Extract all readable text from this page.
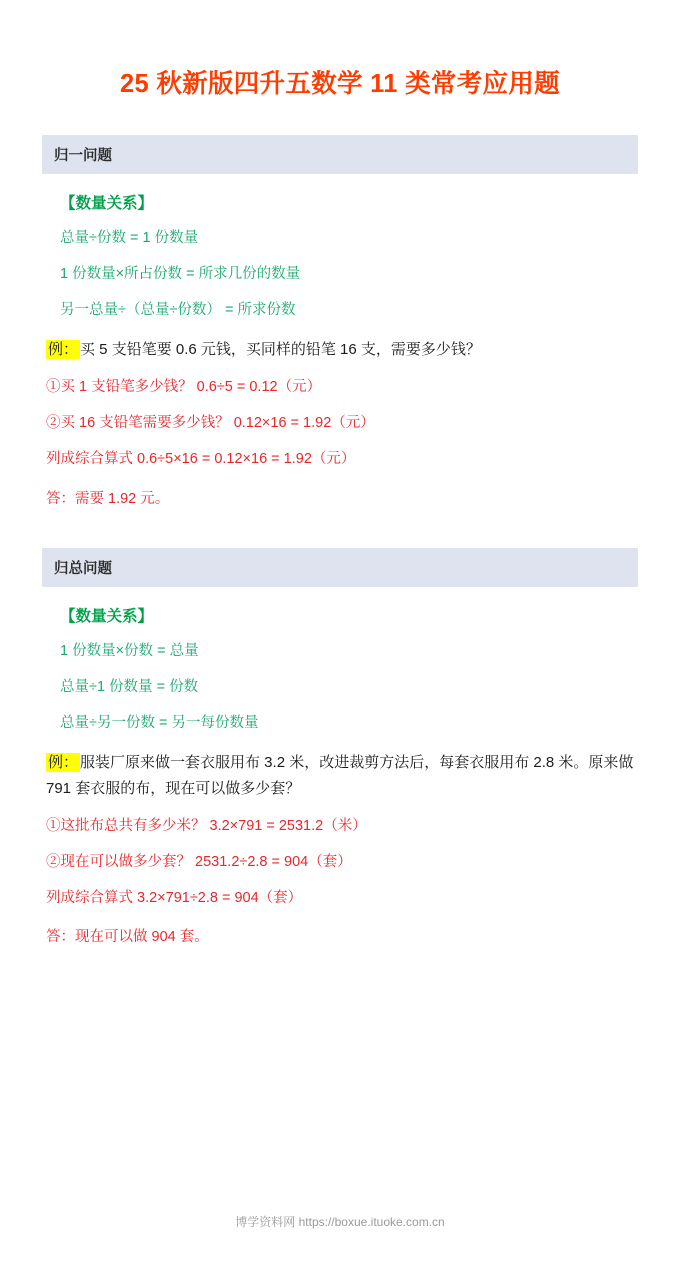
25 秋新版四升五数学 11 类常考应用题
归一问题
【数量关系】
总量÷份数 = 1 份数量
1 份数量×所占份数 = 所求几份的数量
另一总量÷（总量÷份数） = 所求份数
例： 买 5 支铅笔要 0.6 元钱，买同样的铅笔 16 支，需要多少钱？
①买 1 支铅笔多少钱？ 0.6÷5 = 0.12（元）
②买 16 支铅笔需要多少钱？ 0.12×16 = 1.92（元）
列成综合算式 0.6÷5×16 = 0.12×16 = 1.92（元）
答：需要 1.92 元。
归总问题
【数量关系】
1 份数量×份数 = 总量
总量÷1 份数量 = 份数
总量÷另一份数 = 另一每份数量
例： 服装厂原来做一套衣服用布 3.2 米，改进裁剪方法后，每套衣服用布 2.8 米。原来做 791 套衣服的布，现在可以做多少套？
①这批布总共有多少米？ 3.2×791 = 2531.2（米）
②现在可以做多少套？ 2531.2÷2.8 = 904（套）
列成综合算式 3.2×791÷2.8 = 904（套）
答：现在可以做 904 套。
博学资料网 https://boxue.ituoke.com.cn
